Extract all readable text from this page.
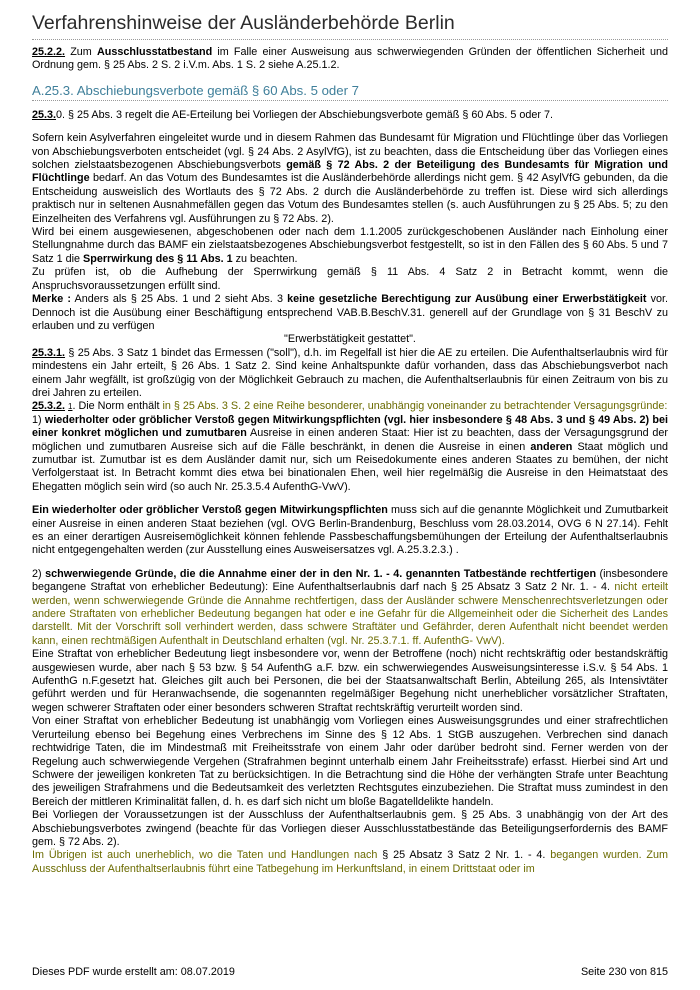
Verfahrenshinweise der Ausländerbehörde Berlin

25.2.2. Zum Ausschlusstatbestand im Falle einer Ausweisung aus schwerwiegenden Gründen der öffentlichen Sicherheit und Ordnung gem. § 25 Abs. 2 S. 2 i.V.m. Abs. 1 S. 2 siehe A.25.1.2.

A.25.3. Abschiebungsverbote gemäß § 60 Abs. 5 oder 7

25.3.0. § 25 Abs. 3 regelt die AE-Erteilung bei Vorliegen der Abschiebungsverbote gemäß § 60 Abs. 5 oder 7.

Sofern kein Asylverfahren eingeleitet wurde und in diesem Rahmen das Bundesamt für Migration und Flüchtlinge über das Vorliegen von Abschiebungsverboten entscheidet (vgl. § 24 Abs. 2 AsylVfG), ist zu beachten, dass die Entscheidung über das Vorliegen eines solchen zielstaatsbezogenen Abschiebungsverbots gemäß § 72 Abs. 2 der Beteiligung des Bundesamts für Migration und Flüchtlinge bedarf. An das Votum des Bundesamtes ist die Ausländerbehörde allerdings nicht gem. § 42 AsylVfG gebunden, da die Entscheidung ausweislich des Wortlauts des § 72 Abs. 2 durch die Ausländerbehörde zu treffen ist. Diese wird sich allerdings praktisch nur in seltenen Ausnahmefällen gegen das Votum des Bundesamtes stellen (s. auch Ausführungen zu § 25 Abs. 5; zu den Einzelheiten des Verfahrens vgl. Ausführungen zu § 72 Abs. 2).

Wird bei einem ausgewiesenen, abgeschobenen oder nach dem 1.1.2005 zurückgeschobenen Ausländer nach Einholung einer Stellungnahme durch das BAMF ein zielstaatsbezogenes Abschiebungsverbot festgestellt, so ist in den Fällen des § 60 Abs. 5 und 7 Satz 1 die Sperrwirkung des § 11 Abs. 1 zu beachten.

Zu prüfen ist, ob die Aufhebung der Sperrwirkung gemäß § 11 Abs. 4 Satz 2 in Betracht kommt, wenn die Anspruchsvoraussetzungen erfüllt sind.

Merke : Anders als § 25 Abs. 1 und 2 sieht Abs. 3 keine gesetzliche Berechtigung zur Ausübung einer Erwerbstätigkeit vor. Dennoch ist die Ausübung einer Beschäftigung entsprechend VAB.B.BeschV.31. generell auf der Grundlage von § 31 BeschV zu erlauben und zu verfügen

"Erwerbstätigkeit gestattet".

25.3.1. § 25 Abs. 3 Satz 1 bindet das Ermessen ("soll"), d.h. im Regelfall ist hier die AE zu erteilen. Die Aufenthaltserlaubnis wird für mindestens ein Jahr erteilt, § 26 Abs. 1 Satz 2. Sind keine Anhaltspunkte dafür vorhanden, dass das Abschiebungsverbot nach einem Jahr wegfällt, ist großzügig von der Möglichkeit Gebrauch zu machen, die Aufenthaltserlaubnis für einen Zeitraum von bis zu drei Jahren zu erteilen.

25.3.2. 1. Die Norm enthält in § 25 Abs. 3 S. 2 eine Reihe besonderer, unabhängig voneinander zu betrachtender Versagungsgründe:

1) wiederholter oder gröblicher Verstoß gegen Mitwirkungspflichten (vgl. hier insbesondere § 48 Abs. 3 und § 49 Abs. 2) bei einer konkret möglichen und zumutbaren Ausreise in einen anderen Staat: Hier ist zu beachten, dass der Versagungsgrund der möglichen und zumutbaren Ausreise sich auf die Fälle beschränkt, in denen die Ausreise in einen anderen Staat möglich und zumutbar ist. Zumutbar ist es dem Ausländer damit nur, sich um Reisedokumente eines anderen Staates zu bemühen, der nicht Verfolgerstaat ist. In Betracht kommt dies etwa bei binationalen Ehen, weil hier regelmäßig die Ausreise in den Heimatstaat des Ehegatten möglich sein wird (so auch Nr. 25.3.5.4 AufenthG-VwV).

Ein wiederholter oder gröblicher Verstoß gegen Mitwirkungspflichten muss sich auf die genannte Möglichkeit und Zumutbarkeit einer Ausreise in einen anderen Staat beziehen (vgl. OVG Berlin-Brandenburg, Beschluss vom 28.03.2014, OVG 6 N 27.14). Fehlt es an einer derartigen Ausreisemöglichkeit können fehlende Passbeschaffungsbemühungen der Erteilung der Aufenthaltserlaubnis nicht entgegengehalten werden (zur Ausstellung eines Ausweisersatzes vgl. A.25.3.2.3.) .

2) schwerwiegende Gründe, die die Annahme einer der in den Nr. 1. - 4. genannten Tatbestände rechtfertigen (insbesondere begangene Straftat von erheblicher Bedeutung): Eine Aufenthaltserlaubnis darf nach § 25 Absatz 3 Satz 2 Nr. 1. - 4. nicht erteilt werden, wenn schwerwiegende Gründe die Annahme rechtfertigen, dass der Ausländer schwere Menschenrechtsverletzungen oder andere Straftaten von erheblicher Bedeutung begangen hat oder e ine Gefahr für die Allgemeinheit oder die Sicherheit des Landes darstellt. Mit der Vorschrift soll verhindert werden, dass schwere Straftäter und Gefährder, deren Aufenthalt nicht beendet werden kann, einen rechtmäßigen Aufenthalt in Deutschland erhalten (vgl. Nr. 25.3.7.1. ff. AufenthG- VwV).

Eine Straftat von erheblicher Bedeutung liegt insbesondere vor, wenn der Betroffene (noch) nicht rechtskräftig oder bestandskräftig ausgewiesen wurde, aber nach § 53 bzw. § 54 AufenthG a.F. bzw. ein schwerwiegendes Ausweisungsinteresse i.S.v. § 54 Abs. 1 AufenthG n.F.gesetzt hat. Gleiches gilt auch bei Personen, die bei der Staatsanwaltschaft Berlin, Abteilung 265, als Intensivtäter geführt werden und für Heranwachsende, die sogenannten regelmäßiger Begehung nicht unerheblicher vorsätzlicher Straftaten, wegen schwerer Straftaten oder einer besonders schweren Straftat rechtskräftig verurteilt worden sind.

Von einer Straftat von erheblicher Bedeutung ist unabhängig vom Vorliegen eines Ausweisungsgrundes und einer strafrechtlichen Verurteilung ebenso bei Begehung eines Verbrechens im Sinne des § 12 Abs. 1 StGB auszugehen. Verbrechen sind danach rechtwidrige Taten, die im Mindestmaß mit Freiheitsstrafe von einem Jahr oder darüber bedroht sind. Ferner werden von der Regelung auch schwerwiegende Vergehen (Strafrahmen beginnt unterhalb einem Jahr Freiheitsstrafe) erfasst. Hierbei sind Art und Schwere der jeweiligen konkreten Tat zu berücksichtigen. In die Betrachtung sind die Höhe der verhängten Strafe unter Beachtung des jeweiligen Strafrahmens und die Bedeutsamkeit des verletzten Rechtsgutes einzubeziehen. Die Straftat muss zumindest in den Bereich der mittleren Kriminalität fallen, d. h. es darf sich nicht um bloße Bagatelldelikte handeln.

Bei Vorliegen der Voraussetzungen ist der Ausschluss der Aufenthaltserlaubnis gem. § 25 Abs. 3 unabhängig von der Art des Abschiebungsverbotes zwingend (beachte für das Vorliegen dieser Ausschlusstatbestände das Beteiligungserfordernis des BAMF gem. § 72 Abs. 2).

Im Übrigen ist auch unerheblich, wo die Taten und Handlungen nach § 25 Absatz 3 Satz 2 Nr. 1. - 4. begangen wurden. Zum Ausschluss der Aufenthaltserlaubnis führt eine Tatbegehung im Herkunftsland, in einem Drittstaat oder im

Dieses PDF wurde erstellt am: 08.07.2019	Seite 230 von 815
